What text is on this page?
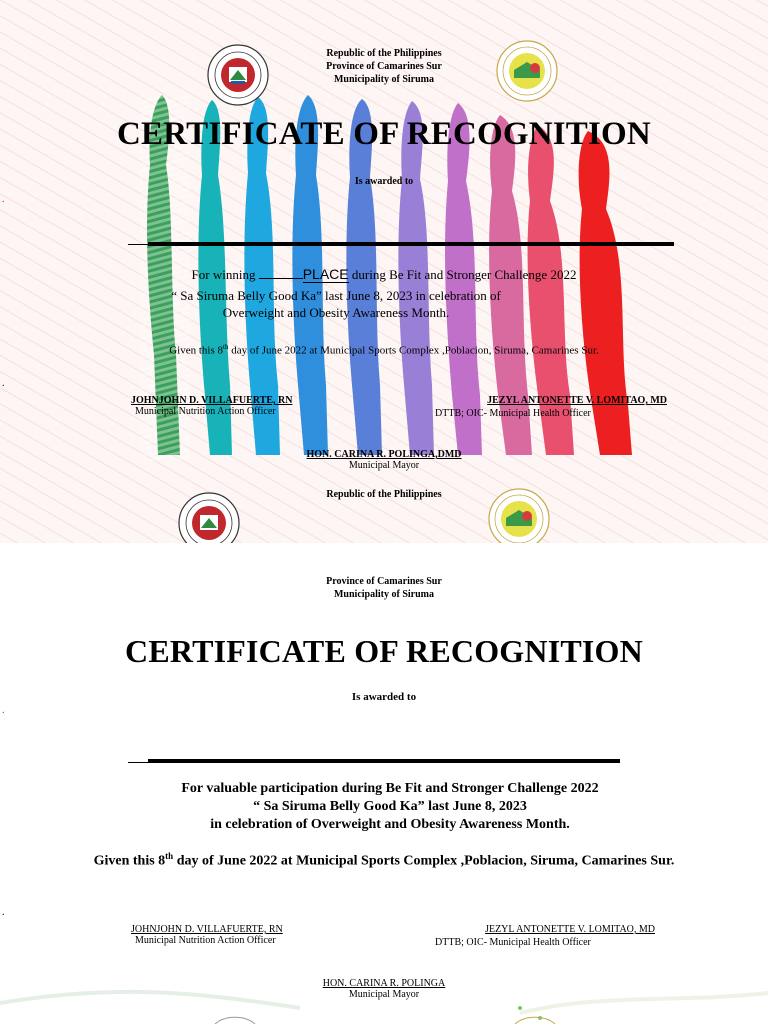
Republic of the Philippines
Province of Camarines Sur
Municipality of Siruma
CERTIFICATE OF RECOGNITION
Is awarded to
.
For winning	PLACE during Be Fit and Stronger Challenge 2022
“ Sa Siruma Belly Good Ka” last June 8, 2023 in celebration of
Overweight and Obesity Awareness Month.
Given this 8th day of June 2022 at Municipal Sports Complex ,Poblacion, Siruma, Camarines Sur.
.
JOHNJOHN D. VILLAFUERTE, RN
Municipal Nutrition Action Officer
JEZYL ANTONETTE V. LOMITAO, MD
DTTB; OIC- Municipal Health Officer
HON. CARINA R. POLINGA,DMD
Municipal Mayor
Republic of the Philippines
Province of Camarines Sur
Municipality of Siruma
CERTIFICATE OF RECOGNITION
Is awarded to
.
For valuable participation during Be Fit and Stronger Challenge 2022
“ Sa Siruma Belly Good Ka” last June 8, 2023
in celebration of Overweight and Obesity Awareness Month.
Given this 8th day of June 2022 at Municipal Sports Complex ,Poblacion, Siruma, Camarines Sur.
.
JOHNJOHN D. VILLAFUERTE, RN
Municipal Nutrition Action Officer
JEZYL ANTONETTE V. LOMITAO, MD
DTTB; OIC- Municipal Health Officer
HON. CARINA R. POLINGA
Municipal Mayor
